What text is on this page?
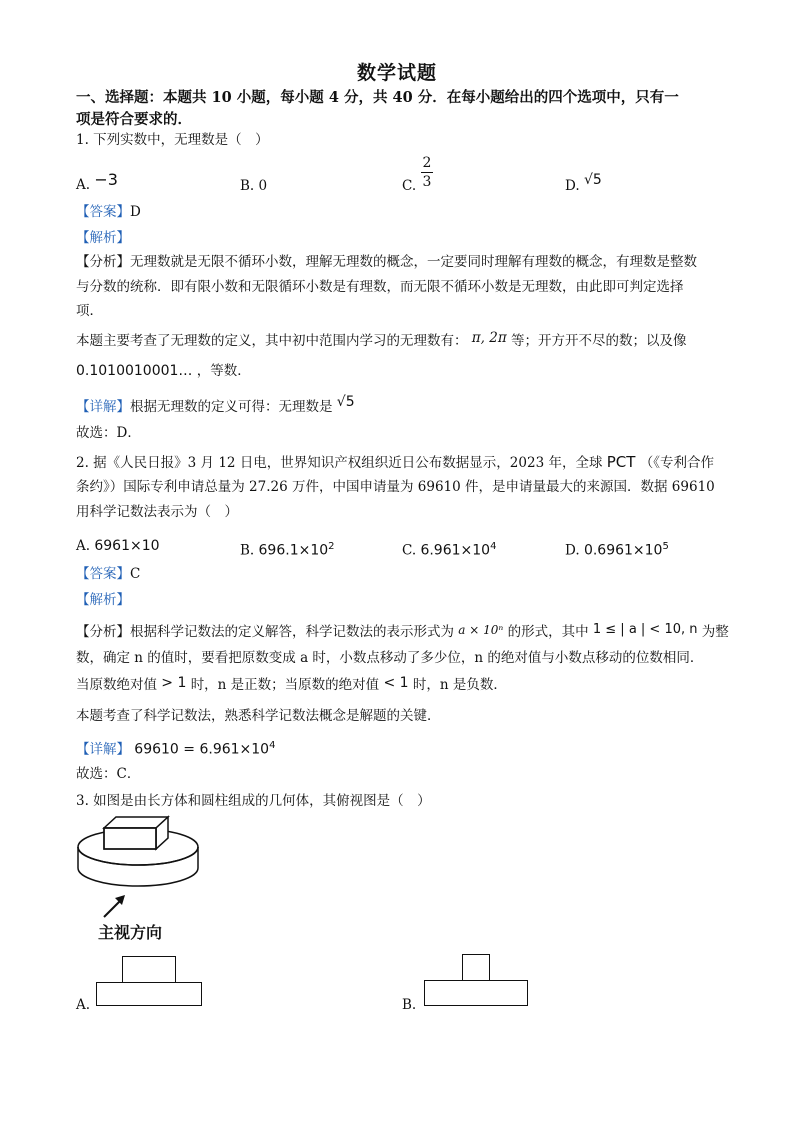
数学试题
一、选择题：本题共 10 小题，每小题 4 分，共 40 分．在每小题给出的四个选项中，只有一
项是符合要求的．
1. 下列实数中，无理数是（　）
A. −3	B. 0	C.
2
3	D. √5
【答案】D
【解析】
【分析】无理数就是无限不循环小数，理解无理数的概念，一定要同时理解有理数的概念，有理数是整数
与分数的统称．即有限小数和无限循环小数是有理数，而无限不循环小数是无理数，由此即可判定选择
项．
本题主要考查了无理数的定义，其中初中范围内学习的无理数有： π, 2π 等；开方开不尽的数；以及像
0.1010010001… ，等数．
【详解】根据无理数的定义可得：无理数是 √5
故选：D．
2. 据《人民日报》3 月 12 日电，世界知识产权组织近日公布数据显示，2023 年，全球 PCT （《专利合作
条约》）国际专利申请总量为 27.26 万件，中国申请量为 69610 件，是申请量最大的来源国．数据 69610
用科学记数法表示为（　）
A. 6961×10	B. $696.1\times 10^2$	C. $6.961\times 10^4$	D. $0.6961\times 10^5$
【答案】C
【解析】
【分析】根据科学记数法的定义解答，科学记数法的表示形式为 a × 10ⁿ 的形式，其中 1 ≤ | a | < 10, n 为整
数，确定 n 的值时，要看把原数变成 a 时，小数点移动了多少位，n 的绝对值与小数点移动的位数相同．
当原数绝对值 > 1 时，n 是正数；当原数的绝对值 < 1 时，n 是负数．
本题考查了科学记数法，熟悉科学记数法概念是解题的关键．
【详解】 $69610 = 6.961\times 10^4$
故选：C．
3. 如图是由长方体和圆柱组成的几何体，其俯视图是（　）
主视方向
A.	B.
